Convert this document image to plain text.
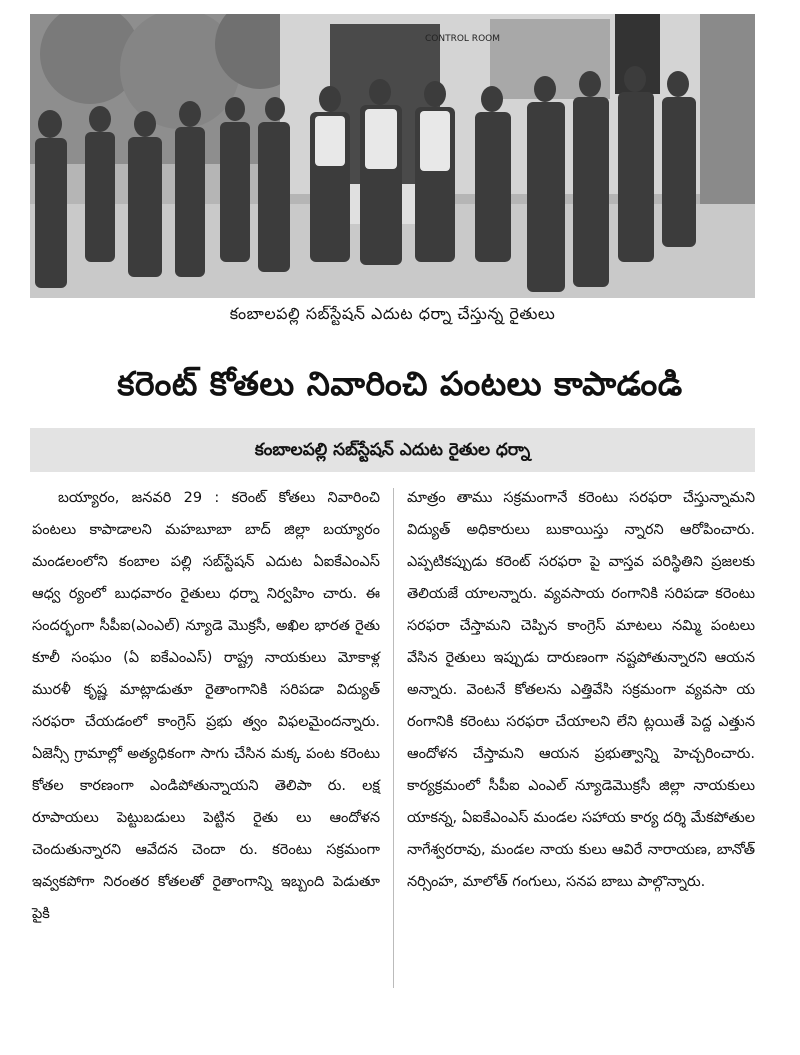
CONTROL ROOM
కంబాలపల్లి సబ్‌స్టేషన్ ఎదుట ధర్నా చేస్తున్న రైతులు
కరెంట్ కోతలు నివారించి పంటలు కాపాడండి
కంబాలపల్లి సబ్‌స్టేషన్ ఎదుట రైతుల ధర్నా

బయ్యారం, జనవరి 29 : కరెంట్ కోతలు నివారించి పంటలు కాపాడాలని మహబూబా బాద్ జిల్లా బయ్యారం మండలంలోని కంబాల పల్లి సబ్‌స్టేషన్ ఎదుట ఏఐకేఎంఎస్ ఆధ్వ ర్యంలో బుధవారం రైతులు ధర్నా నిర్వహిం చారు. ఈ సందర్భంగా సీపీఐ(ఎంఎల్) న్యూడె మొక్రసీ, అఖిల భారత రైతు కూలీ సంఘం (ఏ ఐకేఎంఎస్) రాష్ట్ర నాయకులు మోకాళ్ల మురళీ కృష్ణ మాట్లాడుతూ రైతాంగానికి సరిపడా విద్యుత్ సరఫరా చేయడంలో కాంగ్రెస్ ప్రభు త్వం విఫలమైందన్నారు. ఏజెన్సీ గ్రామాల్లో అత్యధికంగా సాగు చేసిన మక్క పంట కరెంటు కోతల కారణంగా ఎండిపోతున్నాయని తెలిపా రు. లక్ష రూపాయలు పెట్టుబడులు పెట్టిన రైతు లు ఆందోళన చెందుతున్నారని ఆవేదన చెందా రు. కరెంటు సక్రమంగా ఇవ్వకపోగా నిరంతర కోతలతో రైతాంగాన్ని ఇబ్బంది పెడుతూ పైకి

మాత్రం తాము సక్రమంగానే కరెంటు సరఫరా చేస్తున్నామని విద్యుత్ అధికారులు బుకాయిస్తు న్నారని ఆరోపించారు. ఎప్పటికప్పుడు కరెంట్ సరఫరా పై వాస్తవ పరిస్థితిని ప్రజలకు తెలియజే యాలన్నారు. వ్యవసాయ రంగానికి సరిపడా కరెంటు సరఫరా చేస్తామని చెప్పిన కాంగ్రెస్ మాటలు నమ్మి పంటలు వేసిన రైతులు ఇప్పుడు దారుణంగా నష్టపోతున్నారని ఆయన అన్నారు. వెంటనే కోతలను ఎత్తివేసి సక్రమంగా వ్యవసా య రంగానికి కరెంటు సరఫరా చేయాలని లేని ట్లయితే పెద్ద ఎత్తున ఆందోళన చేస్తామని ఆయన ప్రభుత్వాన్ని హెచ్చరించారు. కార్యక్రమంలో సీపీఐ ఎంఎల్ న్యూడెమొక్రసీ జిల్లా నాయకులు యాకన్న, ఏఐకేఎంఎస్ మండల సహాయ కార్య దర్శి మేకపోతుల నాగేశ్వరరావు, మండల నాయ కులు ఆవిరే నారాయణ, బానోత్ నర్సింహ, మాలోత్ గంగులు, సనప బాబు పాల్గొన్నారు.
